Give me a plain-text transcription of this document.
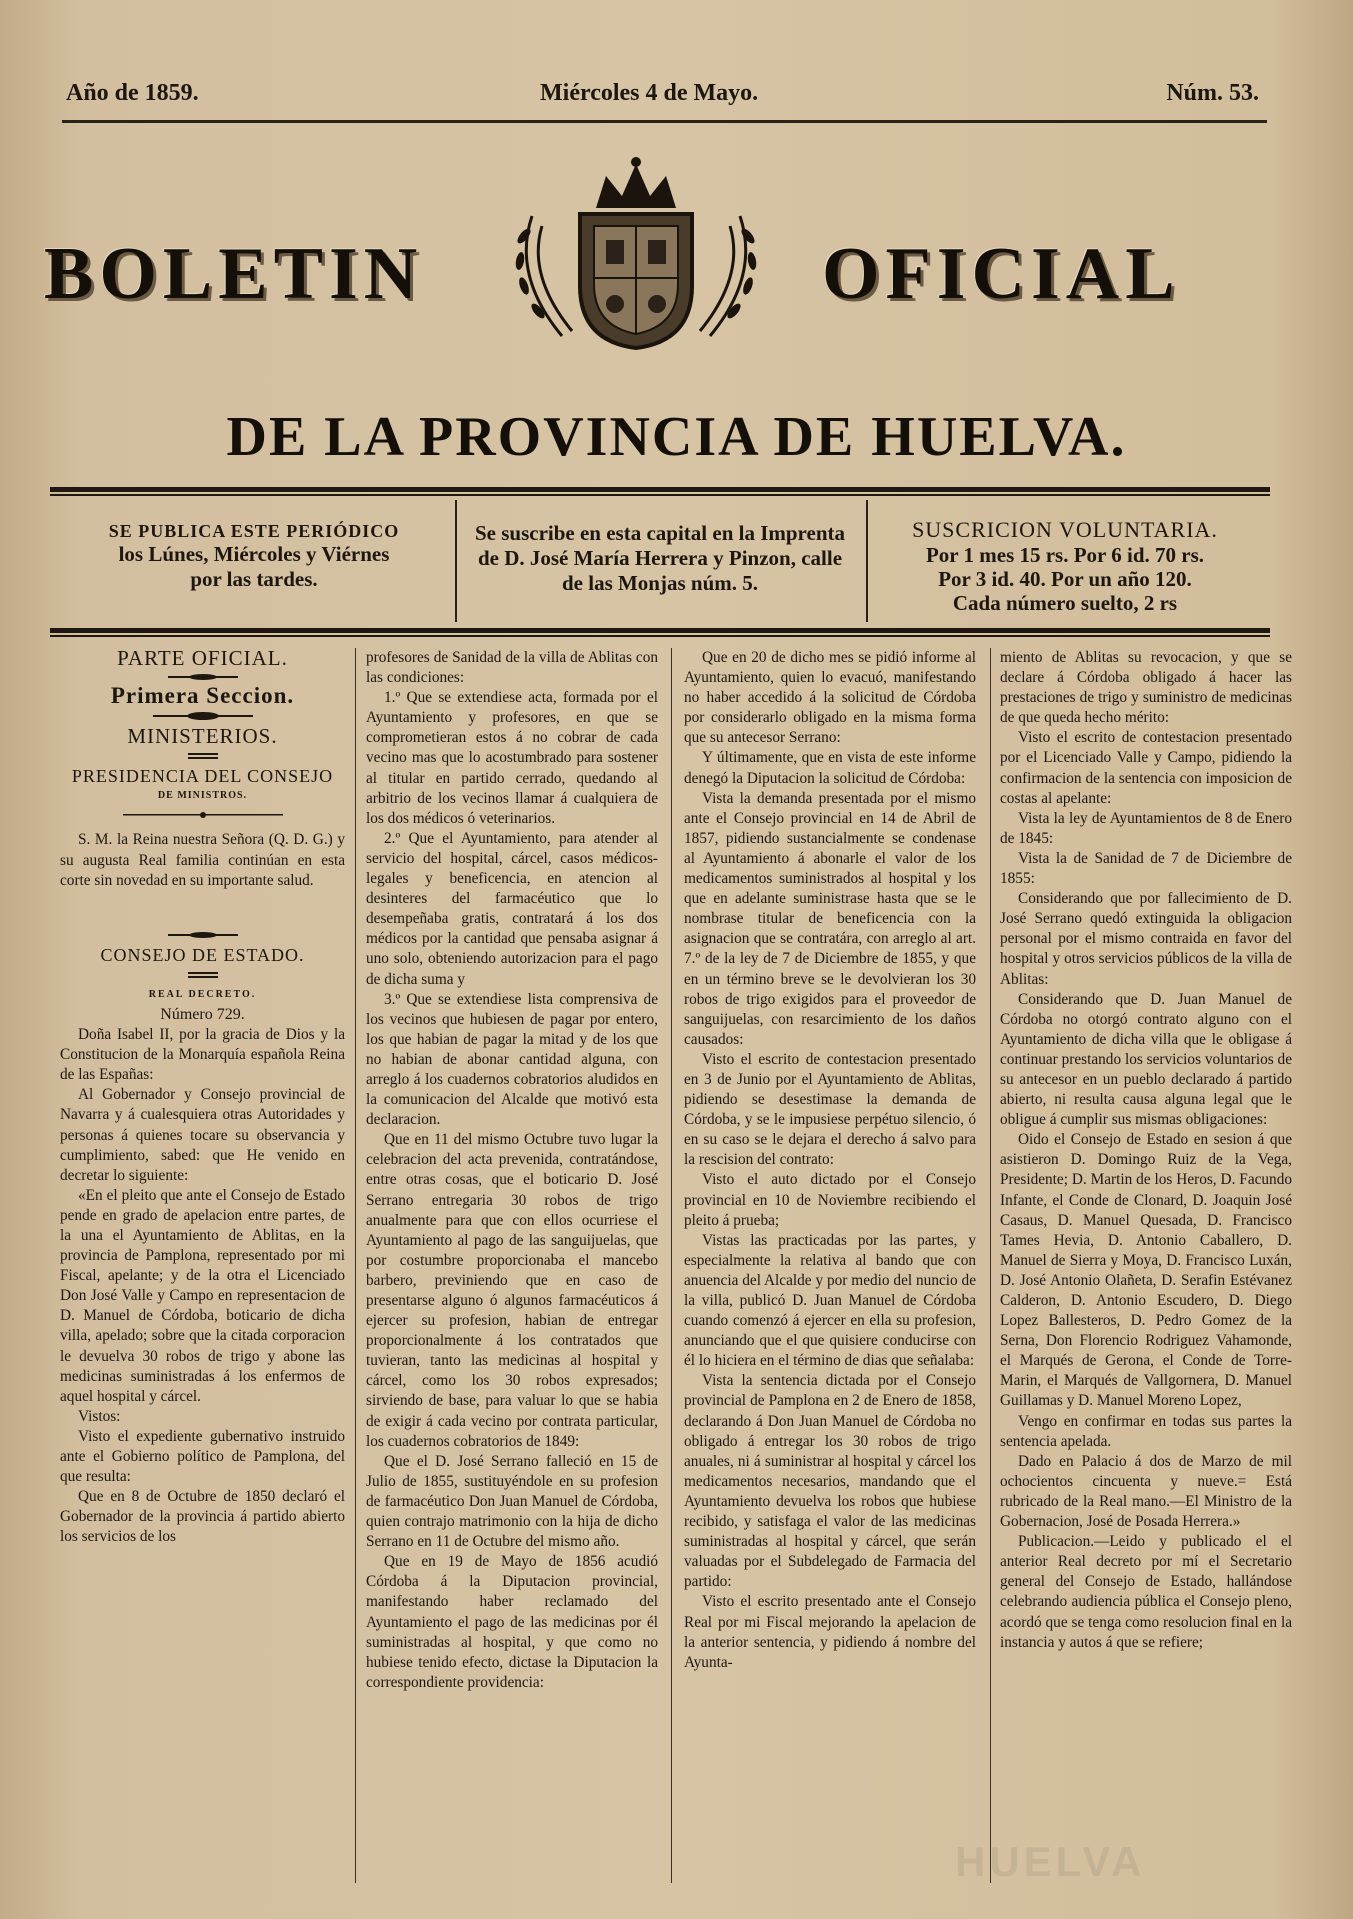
Año de 1859.	Miércoles 4 de Mayo.	Núm. 53.
BOLETIN	OFICIAL
DE LA PROVINCIA DE HUELVA.
SE PUBLICA ESTE PERIÓDICO
los Lúnes, Miércoles y Viérnes
por las tardes.
Se suscribe en esta capital en la Imprenta
de D. José María Herrera y Pinzon, calle
de las Monjas núm. 5.
SUSCRICION VOLUNTARIA.
Por 1 mes 15 rs. Por 6 id. 70 rs.
Por 3 id. 40. Por un año 120.
Cada número suelto, 2 rs

PARTE OFICIAL.

Primera Seccion.

MINISTERIOS.

PRESIDENCIA DEL CONSEJO

DE MINISTROS.

S. M. la Reina nuestra Señora (Q. D. G.) y su augusta Real familia continúan en esta corte sin novedad en su importante salud.

CONSEJO DE ESTADO.

REAL DECRETO.

Número 729.

Doña Isabel II, por la gracia de Dios y la Constitucion de la Monarquía española Reina de las Españas:

Al Gobernador y Consejo provincial de Navarra y á cualesquiera otras Autoridades y personas á quienes tocare su observancia y cumplimiento, sabed: que He venido en decretar lo siguiente:

«En el pleito que ante el Consejo de Estado pende en grado de apelacion entre partes, de la una el Ayuntamiento de Ablitas, en la provincia de Pamplona, representado por mi Fiscal, apelante; y de la otra el Licenciado Don José Valle y Campo en representacion de D. Manuel de Córdoba, boticario de dicha villa, apelado; sobre que la citada corporacion le devuelva 30 robos de trigo y abone las medicinas suministradas á los enfermos de aquel hospital y cárcel.

Vistos:

Visto el expediente gubernativo instruido ante el Gobierno político de Pamplona, del que resulta:

Que en 8 de Octubre de 1850 declaró el Gobernador de la provincia á partido abierto los servicios de los

profesores de Sanidad de la villa de Ablitas con las condiciones:

1.º Que se extendiese acta, formada por el Ayuntamiento y profesores, en que se comprometieran estos á no cobrar de cada vecino mas que lo acostumbrado para sostener al titular en partido cerrado, quedando al arbitrio de los vecinos llamar á cualquiera de los dos médicos ó veterinarios.

2.º Que el Ayuntamiento, para atender al servicio del hospital, cárcel, casos médicos-legales y beneficencia, en atencion al desinteres del farmacéutico que lo desempeñaba gratis, contratará á los dos médicos por la cantidad que pensaba asignar á uno solo, obteniendo autorizacion para el pago de dicha suma y

3.º Que se extendiese lista comprensiva de los vecinos que hubiesen de pagar por entero, los que habian de pagar la mitad y de los que no habian de abonar cantidad alguna, con arreglo á los cuadernos cobratorios aludidos en la comunicacion del Alcalde que motivó esta declaracion.

Que en 11 del mismo Octubre tuvo lugar la celebracion del acta prevenida, contratándose, entre otras cosas, que el boticario D. José Serrano entregaria 30 robos de trigo anualmente para que con ellos ocurriese el Ayuntamiento al pago de las sanguijuelas, que por costumbre proporcionaba el mancebo barbero, previniendo que en caso de presentarse alguno ó algunos farmacéuticos á ejercer su profesion, habian de entregar proporcionalmente á los contratados que tuvieran, tanto las medicinas al hospital y cárcel, como los 30 robos expresados; sirviendo de base, para valuar lo que se habia de exigir á cada vecino por contrata particular, los cuadernos cobratorios de 1849:

Que el D. José Serrano falleció en 15 de Julio de 1855, sustituyéndole en su profesion de farmacéutico Don Juan Manuel de Córdoba, quien contrajo matrimonio con la hija de dicho Serrano en 11 de Octubre del mismo año.

Que en 19 de Mayo de 1856 acudió Córdoba á la Diputacion provincial, manifestando haber reclamado del Ayuntamiento el pago de las medicinas por él suministradas al hospital, y que como no hubiese tenido efecto, dictase la Diputacion la correspondiente providencia:

Que en 20 de dicho mes se pidió informe al Ayuntamiento, quien lo evacuó, manifestando no haber accedido á la solicitud de Córdoba por considerarlo obligado en la misma forma que su antecesor Serrano:

Y últimamente, que en vista de este informe denegó la Diputacion la solicitud de Córdoba:

Vista la demanda presentada por el mismo ante el Consejo provincial en 14 de Abril de 1857, pidiendo sustancialmente se condenase al Ayuntamiento á abonarle el valor de los medicamentos suministrados al hospital y los que en adelante suministrase hasta que se le nombrase titular de beneficencia con la asignacion que se contratára, con arreglo al art. 7.º de la ley de 7 de Diciembre de 1855, y que en un término breve se le devolvieran los 30 robos de trigo exigidos para el proveedor de sanguijuelas, con resarcimiento de los daños causados:

Visto el escrito de contestacion presentado en 3 de Junio por el Ayuntamiento de Ablitas, pidiendo se desestimase la demanda de Córdoba, y se le impusiese perpétuo silencio, ó en su caso se le dejara el derecho á salvo para la rescision del contrato:

Visto el auto dictado por el Consejo provincial en 10 de Noviembre recibiendo el pleito á prueba;

Vistas las practicadas por las partes, y especialmente la relativa al bando que con anuencia del Alcalde y por medio del nuncio de la villa, publicó D. Juan Manuel de Córdoba cuando comenzó á ejercer en ella su profesion, anunciando que el que quisiere conducirse con él lo hiciera en el término de dias que señalaba:

Vista la sentencia dictada por el Consejo provincial de Pamplona en 2 de Enero de 1858, declarando á Don Juan Manuel de Córdoba no obligado á entregar los 30 robos de trigo anuales, ni á suministrar al hospital y cárcel los medicamentos necesarios, mandando que el Ayuntamiento devuelva los robos que hubiese recibido, y satisfaga el valor de las medicinas suministradas al hospital y cárcel, que serán valuadas por el Subdelegado de Farmacia del partido:

Visto el escrito presentado ante el Consejo Real por mi Fiscal mejorando la apelacion de la anterior sentencia, y pidiendo á nombre del Ayunta-

miento de Ablitas su revocacion, y que se declare á Córdoba obligado á hacer las prestaciones de trigo y suministro de medicinas de que queda hecho mérito:

Visto el escrito de contestacion presentado por el Licenciado Valle y Campo, pidiendo la confirmacion de la sentencia con imposicion de costas al apelante:

Vista la ley de Ayuntamientos de 8 de Enero de 1845:

Vista la de Sanidad de 7 de Diciembre de 1855:

Considerando que por fallecimiento de D. José Serrano quedó extinguida la obligacion personal por el mismo contraida en favor del hospital y otros servicios públicos de la villa de Ablitas:

Considerando que D. Juan Manuel de Córdoba no otorgó contrato alguno con el Ayuntamiento de dicha villa que le obligase á continuar prestando los servicios voluntarios de su antecesor en un pueblo declarado á partido abierto, ni resulta causa alguna legal que le obligue á cumplir sus mismas obligaciones:

Oido el Consejo de Estado en sesion á que asistieron D. Domingo Ruiz de la Vega, Presidente; D. Martin de los Heros, D. Facundo Infante, el Conde de Clonard, D. Joaquin José Casaus, D. Manuel Quesada, D. Francisco Tames Hevia, D. Antonio Caballero, D. Manuel de Sierra y Moya, D. Francisco Luxán, D. José Antonio Olañeta, D. Serafin Estévanez Calderon, D. Antonio Escudero, D. Diego Lopez Ballesteros, D. Pedro Gomez de la Serna, Don Florencio Rodriguez Vahamonde, el Marqués de Gerona, el Conde de Torre-Marin, el Marqués de Vallgornera, D. Manuel Guillamas y D. Manuel Moreno Lopez,

Vengo en confirmar en todas sus partes la sentencia apelada.

Dado en Palacio á dos de Marzo de mil ochocientos cincuenta y nueve.= Está rubricado de la Real mano.—El Ministro de la Gobernacion, José de Posada Herrera.»

Publicacion.—Leido y publicado el el anterior Real decreto por mí el Secretario general del Consejo de Estado, hallándose celebrando audiencia pública el Consejo pleno, acordó que se tenga como resolucion final en la instancia y autos á que se refiere;

HUELVA
